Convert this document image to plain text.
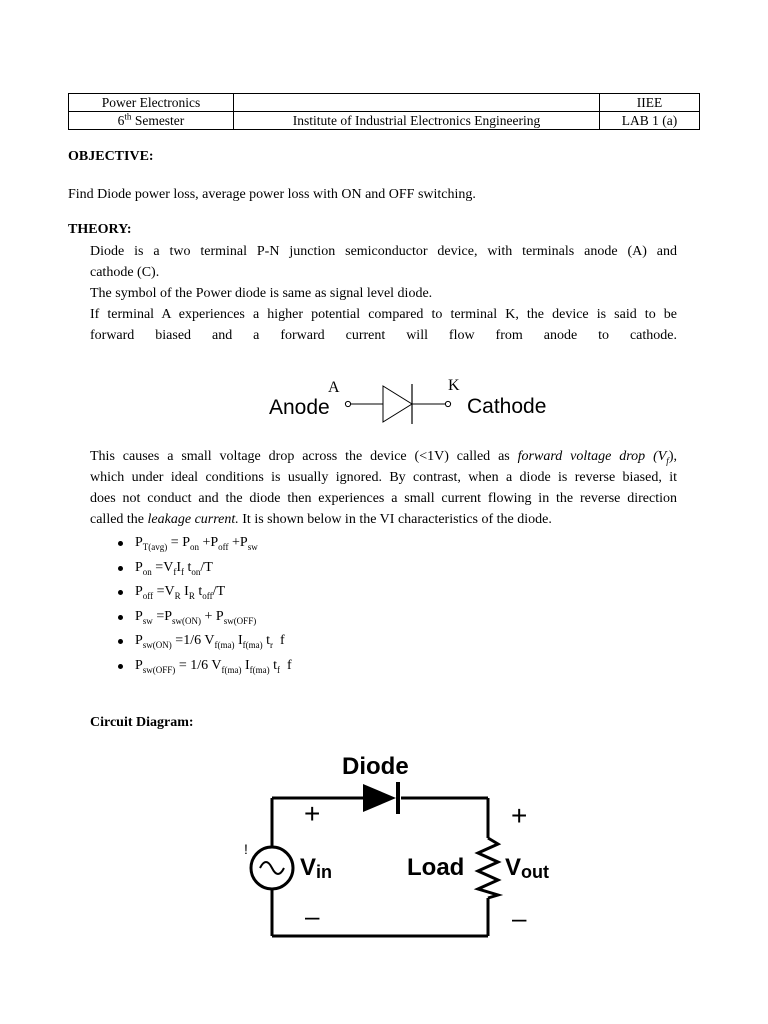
Power Electronics		IIEE
6th Semester	Institute of Industrial Electronics Engineering	LAB 1 (a)
OBJECTIVE:
Find Diode power loss, average power loss with ON and OFF switching.
THEORY:
Diode is a two terminal P-N junction semiconductor device, with terminals anode (A) and
cathode (C).
The symbol of the Power diode is same as signal level diode.
If terminal A experiences a higher potential compared to terminal K, the device is said to be
forward biased and a forward current will flow from anode to cathode.
Anode
A	K
Cathode
This causes a small voltage drop across the device (<1V) called as forward voltage drop $(V_f)$,
which under ideal conditions is usually ignored. By contrast, when a diode is reverse biased, it
does not conduct and the diode then experiences a small current flowing in the reverse direction
called the leakage current. It is shown below in the VI characteristics of the diode.
$P_{T(avg)} = P_{on} +P_{off} +P_{sw}$
$P_{on} =V_fI_f$ $t_{on}/T$
$P_{off} =V_R$ $I_R$ $t_{off}/T$
$P_{sw} =P_{sw(ON)} + P_{sw(OFF)}$
$P_{sw(ON)} =1/6$ $V_{f(ma)}$ $I_{f(ma)}$ $t_r$  f
$P_{sw(OFF)} = 1/6$ $V_{f(ma)}$ $I_{f(ma)}$ $t_f$  f
Circuit Diagram:
Diode
!
Vin
+
–
Load Vout
+
–
